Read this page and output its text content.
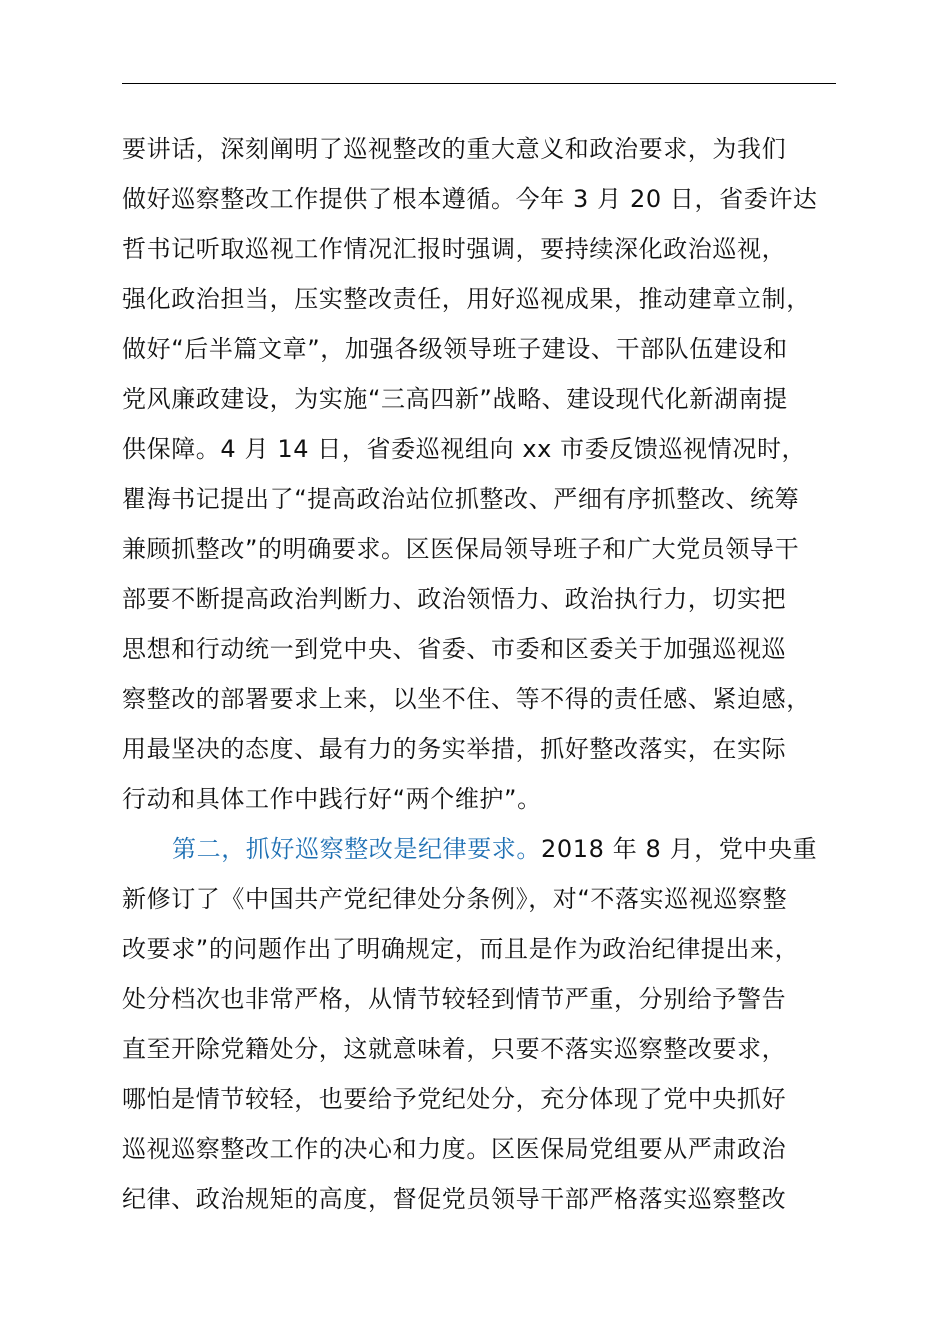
要讲话，深刻阐明了巡视整改的重大意义和政治要求，为我们
做好巡察整改工作提供了根本遵循。今年 3 月 20 日，省委许达
哲书记听取巡视工作情况汇报时强调，要持续深化政治巡视，
强化政治担当，压实整改责任，用好巡视成果，推动建章立制，
做好“后半篇文章”，加强各级领导班子建设、干部队伍建设和
党风廉政建设，为实施“三高四新”战略、建设现代化新湖南提
供保障。4 月 14 日，省委巡视组向 xx 市委反馈巡视情况时，
瞿海书记提出了“提高政治站位抓整改、严细有序抓整改、统筹
兼顾抓整改”的明确要求。区医保局领导班子和广大党员领导干
部要不断提高政治判断力、政治领悟力、政治执行力，切实把
思想和行动统一到党中央、省委、市委和区委关于加强巡视巡
察整改的部署要求上来，以坐不住、等不得的责任感、紧迫感，
用最坚决的态度、最有力的务实举措，抓好整改落实，在实际
行动和具体工作中践行好“两个维护”。
第二，抓好巡察整改是纪律要求。2018 年 8 月，党中央重
新修订了《中国共产党纪律处分条例》，对“不落实巡视巡察整
改要求”的问题作出了明确规定，而且是作为政治纪律提出来，
处分档次也非常严格，从情节较轻到情节严重，分别给予警告
直至开除党籍处分，这就意味着，只要不落实巡察整改要求，
哪怕是情节较轻，也要给予党纪处分，充分体现了党中央抓好
巡视巡察整改工作的决心和力度。区医保局党组要从严肃政治
纪律、政治规矩的高度，督促党员领导干部严格落实巡察整改
